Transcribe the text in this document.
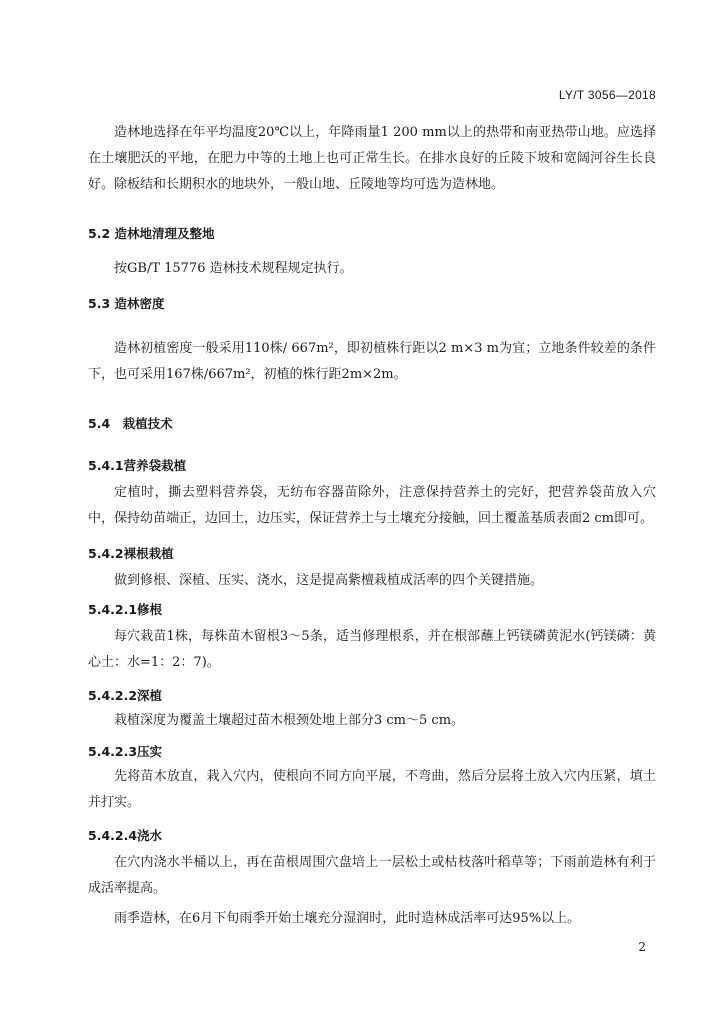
LY/T 3056—2018

造林地选择在年平均温度20℃以上，年降雨量1 200 mm以上的热带和南亚热带山地。应选择在土壤肥沃的平地，在肥力中等的土地上也可正常生长。在排水良好的丘陵下坡和宽阔河谷生长良好。除板结和长期积水的地块外，一般山地、丘陵地等均可选为造林地。

5.2 造林地清理及整地

按GB/T 15776 造林技术规程规定执行。

5.3 造林密度

造林初植密度一般采用110株/ 667m²，即初植株行距以2 m×3 m为宜；立地条件较差的条件下，也可采用167株/667m²，初植的株行距2m×2m。

5.4　栽植技术
5.4.1营养袋栽植

定植时，撕去塑料营养袋，无纺布容器苗除外，注意保持营养土的完好，把营养袋苗放入穴中，保持幼苗端正，边回土，边压实，保证营养土与土壤充分接触，回土覆盖基质表面2 cm即可。

5.4.2裸根栽植

做到修根、深植、压实、浇水，这是提高紫檀栽植成活率的四个关键措施。

5.4.2.1修根

每穴栽苗1株，每株苗木留根3～5条，适当修理根系，并在根部蘸上钙镁磷黄泥水(钙镁磷：黄心土：水=1：2：7)。

5.4.2.2深植

栽植深度为覆盖土壤超过苗木根颈处地上部分3 cm～5 cm。

5.4.2.3压实

先将苗木放直，栽入穴内，使根向不同方向平展，不弯曲，然后分层将土放入穴内压紧，填土并打实。

5.4.2.4浇水

在穴内浇水半桶以上，再在苗根周围穴盘培上一层松土或枯枝落叶稻草等；下雨前造林有利于成活率提高。

雨季造林，在6月下旬雨季开始土壤充分湿润时，此时造林成活率可达95%以上。

2
